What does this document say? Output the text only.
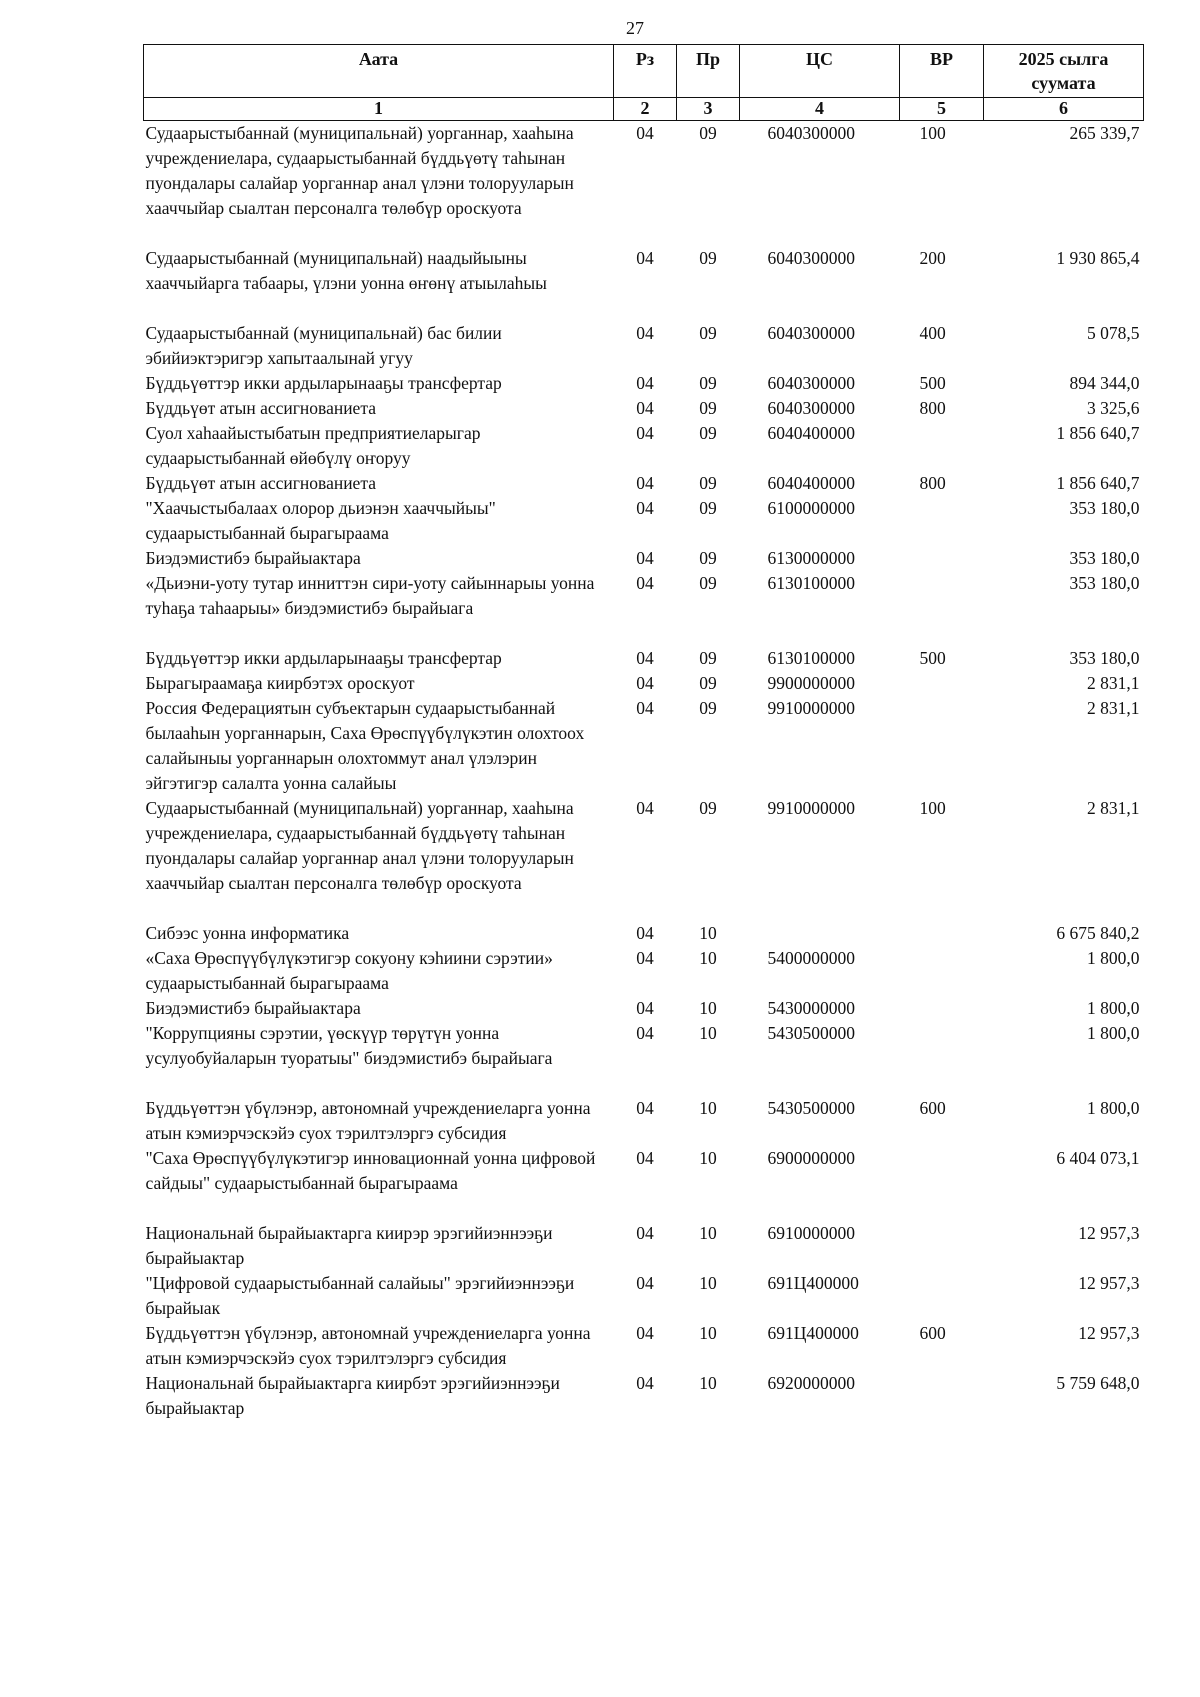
27
Аата	Рз	Пр	ЦС	ВР	2025 сылга суумата
1	2	3	4	5	6
Судаарыстыбаннай (муниципальнай) уорганнар, хааһына учреждениелара, судаарыстыбаннай бүддьүөтү таһынан пуондалары салайар уорганнар анал үлэни толорууларын хааччыйар сыалтан персоналга төлөбүр ороскуота	04	09	6040300000	100	265 339,7
Судаарыстыбаннай (муниципальнай) наадыйыыны хааччыйарга табаары, үлэни уонна өҥөнү атыылаһыы	04	09	6040300000	200	1 930 865,4
Судаарыстыбаннай (муниципальнай) бас билии эбийиэктэригэр хапытаалынай угуу	04	09	6040300000	400	5 078,5
Бүддьүөттэр икки ардыларынааҕы трансфертар	04	09	6040300000	500	894 344,0
Бүддьүөт атын ассигнованиета	04	09	6040300000	800	3 325,6
Суол хаһаайыстыбатын предприятиеларыгар судаарыстыбаннай өйөбүлү оҥоруу	04	09	6040400000		1 856 640,7
Бүддьүөт атын ассигнованиета	04	09	6040400000	800	1 856 640,7
"Хаачыстыбалаах олорор дьиэнэн хааччыйыы" судаарыстыбаннай бырагыраама	04	09	6100000000		353 180,0
Биэдэмистибэ бырайыактара	04	09	6130000000		353 180,0
«Дьиэни-уоту тутар инниттэн сири-уоту сайыннарыы уонна туһаҕа таһаарыы» биэдэмистибэ бырайыага	04	09	6130100000		353 180,0
Бүддьүөттэр икки ардыларынааҕы трансфертар	04	09	6130100000	500	353 180,0
Бырагыраамаҕа киирбэтэх ороскуот	04	09	9900000000		2 831,1
Россия Федерациятын субъектарын судаарыстыбаннай былааһын уорганнарын, Саха Өрөспүүбүлүкэтин олохтоох салайыныы уорганнарын олохтоммут анал үлэлэрин эйгэтигэр салалта уонна салайыы	04	09	9910000000		2 831,1
Судаарыстыбаннай (муниципальнай) уорганнар, хааһына учреждениелара, судаарыстыбаннай бүддьүөтү таһынан пуондалары салайар уорганнар анал үлэни толорууларын хааччыйар сыалтан персоналга төлөбүр ороскуота	04	09	9910000000	100	2 831,1
Сибээс уонна информатика	04	10			6 675 840,2
«Саха Өрөспүүбүлүкэтигэр сокуону кэһиини сэрэтии» судаарыстыбаннай бырагыраама	04	10	5400000000		1 800,0
Биэдэмистибэ бырайыактара	04	10	5430000000		1 800,0
"Коррупцияны сэрэтии, үөскүүр төрүтүн уонна усулуобуйаларын туоратыы" биэдэмистибэ бырайыага	04	10	5430500000		1 800,0
Бүддьүөттэн үбүлэнэр, автономнай учреждениеларга уонна атын кэмиэрчэскэйэ суох тэрилтэлэргэ субсидия	04	10	5430500000	600	1 800,0
"Саха Өрөспүүбүлүкэтигэр инновационнай уонна цифровой сайдыы" судаарыстыбаннай бырагыраама	04	10	6900000000		6 404 073,1
Национальнай бырайыактарга киирэр эрэгийиэннээҕи бырайыактар	04	10	6910000000		12 957,3
"Цифровой судаарыстыбаннай салайыы" эрэгийиэннээҕи бырайыак	04	10	691Ц400000		12 957,3
Бүддьүөттэн үбүлэнэр, автономнай учреждениеларга уонна атын кэмиэрчэскэйэ суох тэрилтэлэргэ субсидия	04	10	691Ц400000	600	12 957,3
Национальнай бырайыактарга киирбэт эрэгийиэннээҕи бырайыактар	04	10	6920000000		5 759 648,0
